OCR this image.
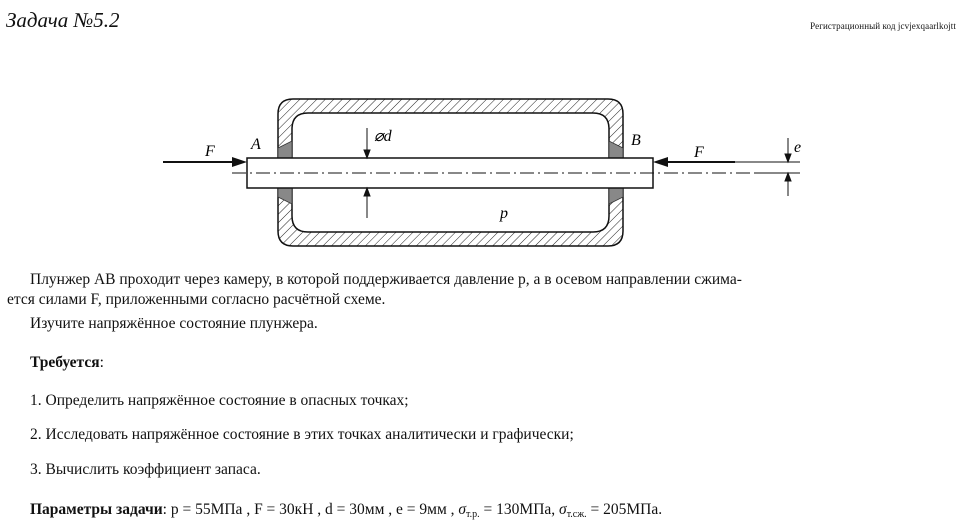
Задача №5.2	Регистрационный код jcvjexqaarlkojtt
F A	⌀d	B
F	e
p
Плунжер AB проходит через камеру, в которой поддерживается давление p, а в осевом направлении сжима-
ется силами F, приложенными согласно расчётной схеме.
Изучите напряжённое состояние плунжера.
Требуется:
1. Определить напряжённое состояние в опасных точках;
2. Исследовать напряжённое состояние в этих точках аналитически и графически;
3. Вычислить коэффициент запаса.
Параметры задачи: p = 55МПа , F = 30кН , d = 30мм , e = 9мм , $\sigma_{т.р.} = 130МПа$, $\sigma_{т.сж.} = 205МПа$.
